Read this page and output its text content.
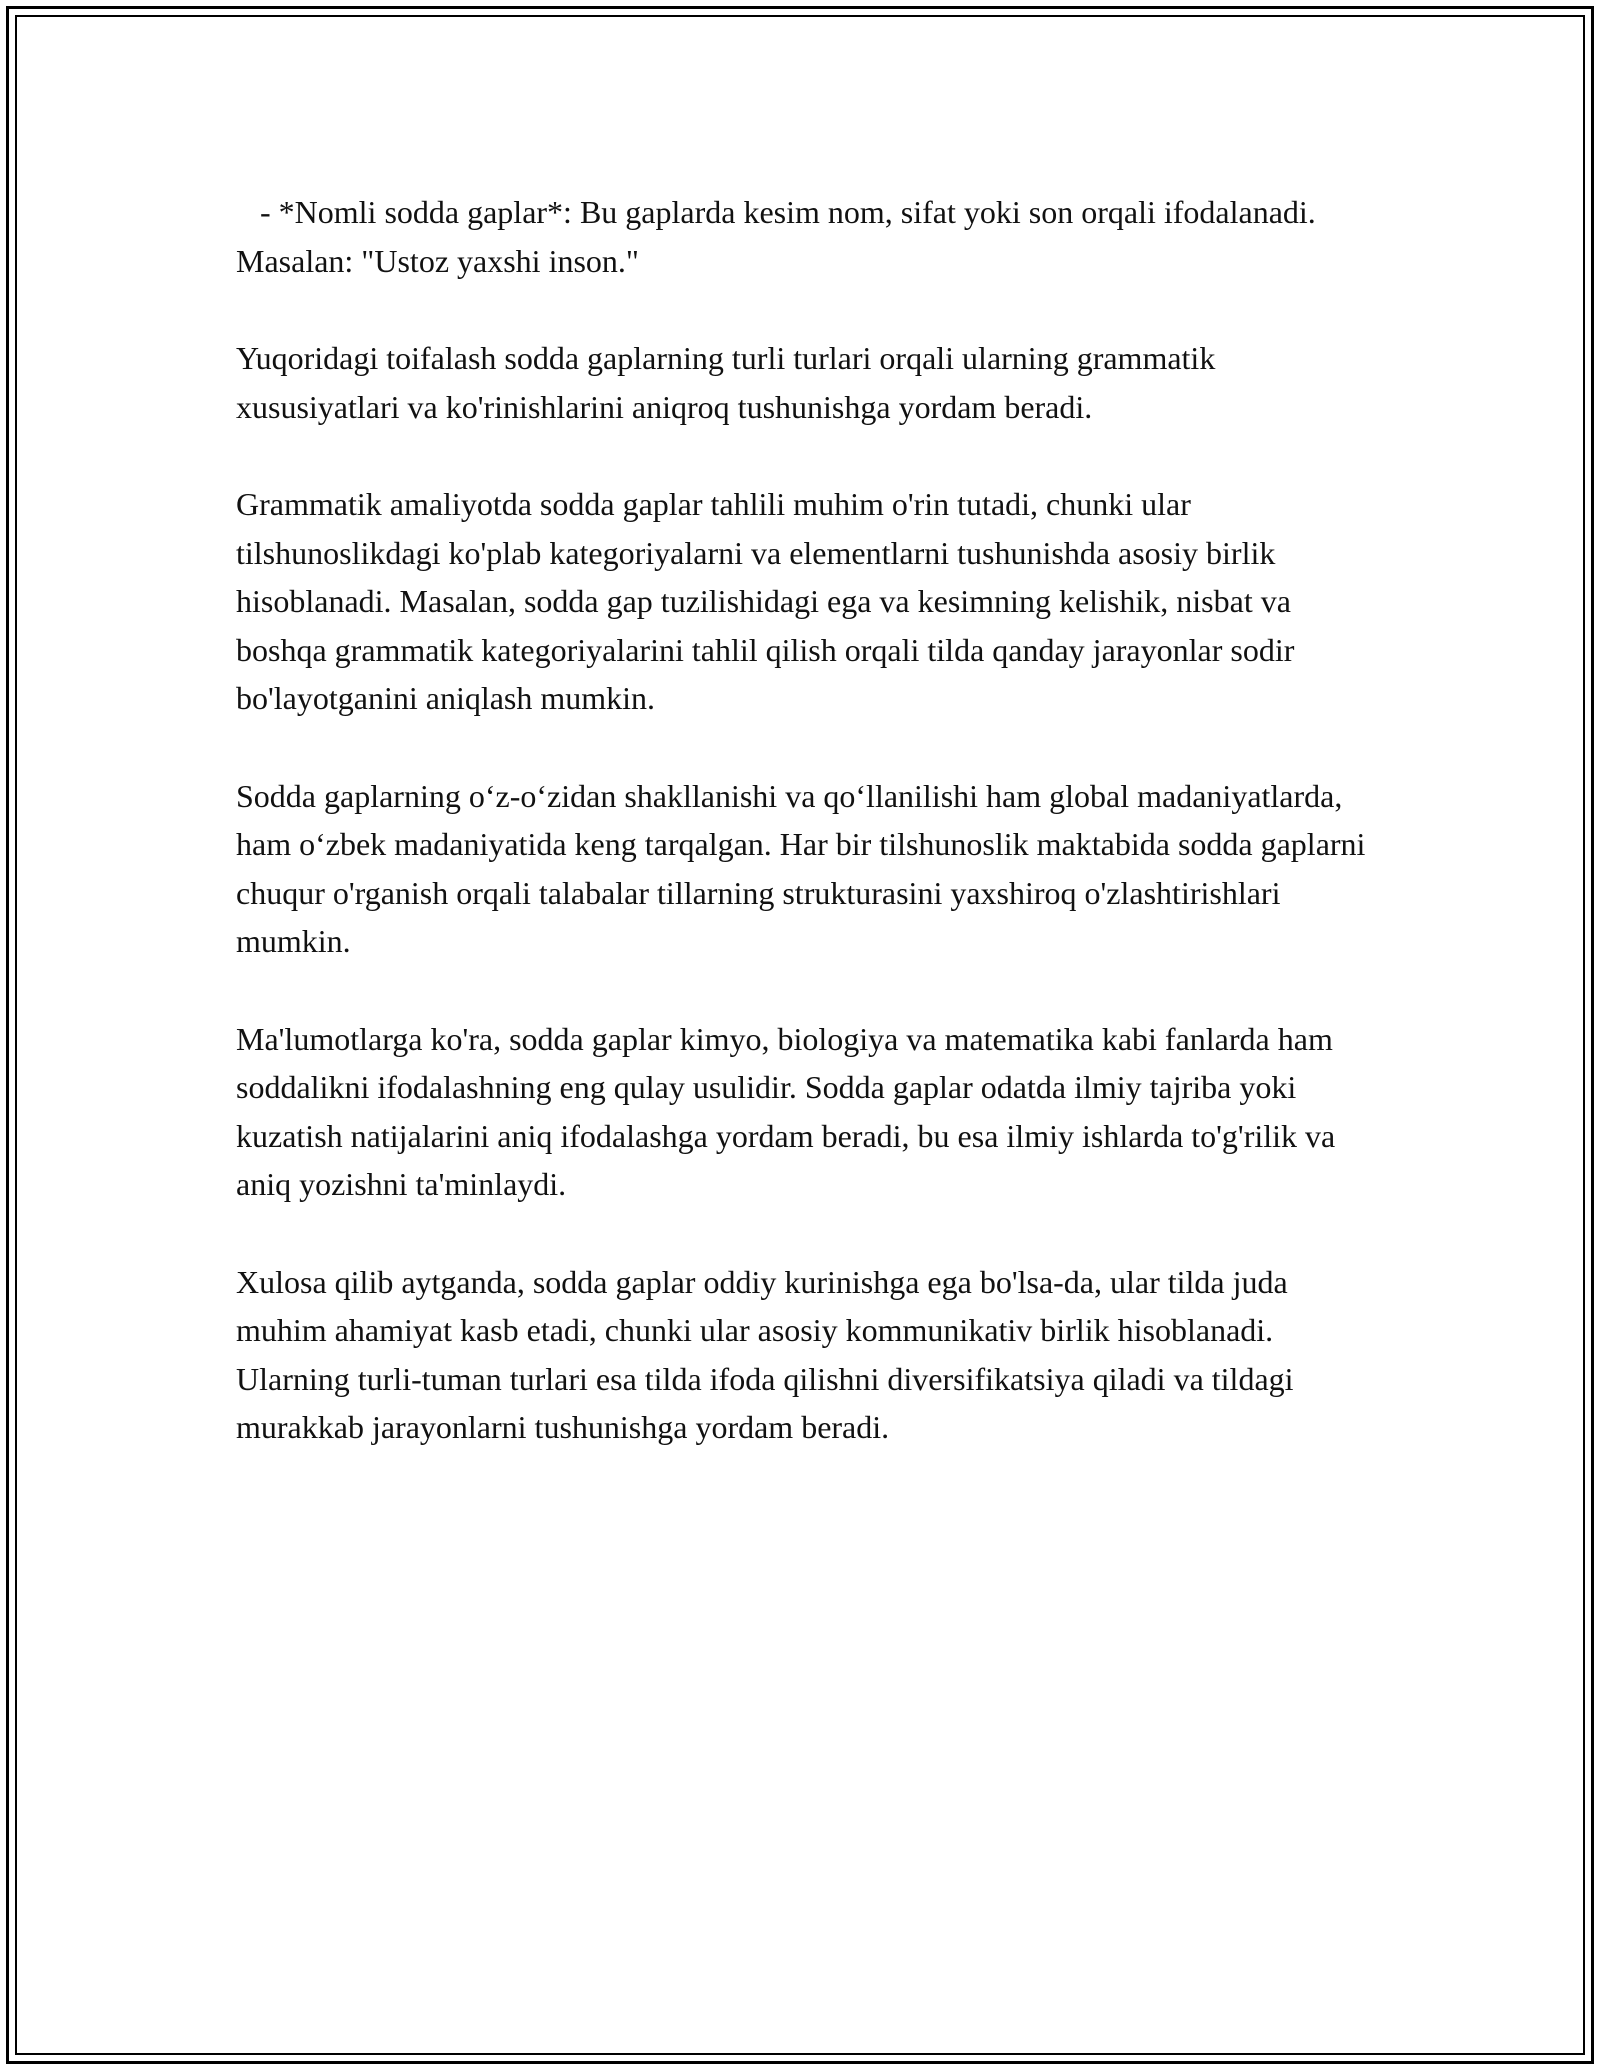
- *Nomli sodda gaplar*: Bu gaplarda kesim nom, sifat yoki son orqali ifodalanadi. Masalan: "Ustoz yaxshi inson."

Yuqoridagi toifalash sodda gaplarning turli turlari orqali ularning grammatik xususiyatlari va ko'rinishlarini aniqroq tushunishga yordam beradi.

Grammatik amaliyotda sodda gaplar tahlili muhim o'rin tutadi, chunki ular tilshunoslikdagi ko'plab kategoriyalarni va elementlarni tushunishda asosiy birlik hisoblanadi. Masalan, sodda gap tuzilishidagi ega va kesimning kelishik, nisbat va boshqa grammatik kategoriyalarini tahlil qilish orqali tilda qanday jarayonlar sodir bo'layotganini aniqlash mumkin.

Sodda gaplarning o‘z-o‘zidan shakllanishi va qo‘llanilishi ham global madaniyatlarda, ham o‘zbek madaniyatida keng tarqalgan. Har bir tilshunoslik maktabida sodda gaplarni chuqur o'rganish orqali talabalar tillarning strukturasini yaxshiroq o'zlashtirishlari mumkin.

Ma'lumotlarga ko'ra, sodda gaplar kimyo, biologiya va matematika kabi fanlarda ham soddalikni ifodalashning eng qulay usulidir. Sodda gaplar odatda ilmiy tajriba yoki kuzatish natijalarini aniq ifodalashga yordam beradi, bu esa ilmiy ishlarda to'g'rilik va aniq yozishni ta'minlaydi.

Xulosa qilib aytganda, sodda gaplar oddiy kurinishga ega bo'lsa-da, ular tilda juda muhim ahamiyat kasb etadi, chunki ular asosiy kommunikativ birlik hisoblanadi. Ularning turli-tuman turlari esa tilda ifoda qilishni diversifikatsiya qiladi va tildagi murakkab jarayonlarni tushunishga yordam beradi.
